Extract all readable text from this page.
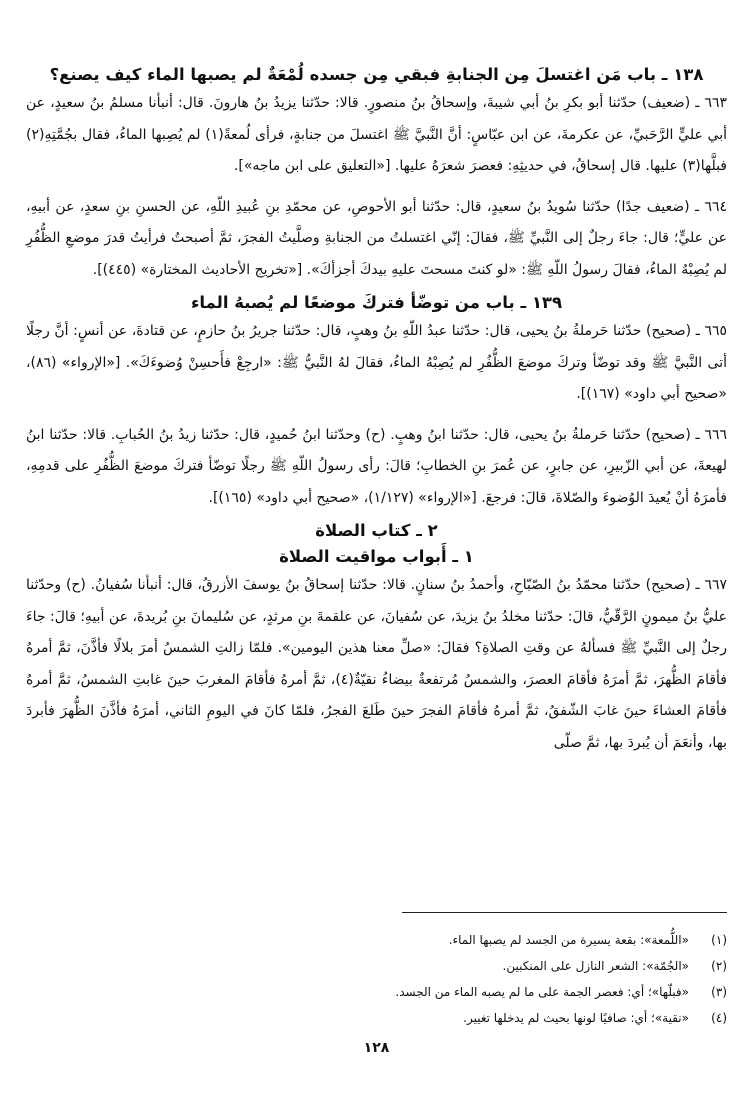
١٣٨ ـ باب مَن اغتسلَ مِن الجنابةِ فبقي مِن جسده لُمْعَةٌ لم يصبها الماء كيف يصنع؟

٦٦٣ ـ (ضعيف) حدّثنا أبو بكرِ بنُ أبي شيبةَ، وإسحاقُ بنُ منصورٍ. قالا: حدّثنا يزيدُ بنُ هارونَ. قال: أنبأنا مسلمُ بنُ سعيدٍ، عن أبي عليٍّ الرَّحَبيِّ، عن عكرمةَ، عن ابن عبّاسٍ: أنَّ النَّبيَّ ﷺ اغتسلَ من جنابةٍ، فرأى لُمعةً(١) لم يُصِبها الماءُ، فقال بجُمَّتِهِ(٢) فبلَّها(٣) عليها. قال إسحاقُ، في حديثِهِ: فعصرَ شعرَهُ عليها. [«التعليق على ابن ماجه»].

٦٦٤ ـ (ضعيف جدًا) حدّثنا سُويدُ بنُ سعيدٍ، قال: حدّثنا أبو الأحوصِ، عن محمّدِ بنِ عُبيدِ اللّهِ، عن الحسنِ بنِ سعدٍ، عن أبيهِ، عن عليٍّ؛ قال: جاءَ رجلٌ إلى النَّبيِّ ﷺ، فقالَ: إنّي اغتسلتُ من الجنابةِ وصلَّيتُ الفجرَ، ثمَّ أصبحتُ فرأيتُ قدرَ موضعِ الظُّفُرِ لم يُصِبْهُ الماءُ، فقالَ رسولُ اللّهِ ﷺ: «لو كنتَ مسحتَ عليهِ بيدكَ أجزأكَ». [«تخريج الأحاديث المختارة» (٤٤٥)].

١٣٩ ـ باب من توضّأ فتركَ موضعًا لم يُصبهُ الماء

٦٦٥ ـ (صحيح) حدّثنا حَرملةُ بنُ يحيى، قال: حدّثنا عبدُ اللّهِ بنُ وهبٍ، قال: حدّثنا جريرُ بنُ حازمٍ، عن قتادةَ، عن أنسٍ: أنَّ رجلًا أتى النَّبيَّ ﷺ وقد توضّأ وتركَ موضعَ الظُّفُرِ لم يُصِبْهُ الماءُ، فقالَ لهُ النَّبيُّ ﷺ: «ارجِعْ فأَحسِنْ وُضوءَكَ». [«الإرواء» (٨٦)، «صحيح أبي داود» (١٦٧)].

٦٦٦ ـ (صحيح) حدّثنا حَرملةُ بنُ يحيى، قال: حدّثنا ابنُ وهبٍ. (ح) وحدّثنا ابنُ حُميدٍ، قال: حدّثنا زيدُ بنُ الحُبابِ. قالا: حدّثنا ابنُ لهيعةَ، عن أبي الزّبيرِ، عن جابرٍ، عن عُمرَ بنِ الخطابِ؛ قالَ: رأى رسولُ اللّهِ ﷺ رجلًا توضّأ فتركَ موضعَ الظُّفُرِ على قدمِهِ، فأمرَهُ أنْ يُعيدَ الوُضوءَ والصّلاةَ، قالَ: فرجعَ. [«الإرواء» (١/١٢٧)، «صحيح أبي داود» (١٦٥)].

٢ ـ كتاب الصلاة
١ ـ أَبواب مواقيت الصلاة

٦٦٧ ـ (صحيح) حدّثنا محمّدُ بنُ الصّبّاحِ، وأحمدُ بنُ سنانٍ. قالا: حدّثنا إسحاقُ بنُ يوسفَ الأزرقُ، قال: أنبأنا سُفيانُ. (ح) وحدّثنا عليُّ بنُ ميمونٍ الرَّقّيُّ، قالَ: حدّثنا مخلدُ بنُ يزيدَ، عن سُفيانَ، عن علقمةَ بنِ مرثدٍ، عن سُليمانَ بنِ بُريدةَ، عن أبيهِ؛ قالَ: جاءَ رجلٌ إلى النَّبيِّ ﷺ فسألهُ عن وقتِ الصلاةِ؟ فقالَ: «صلِّ معنا هذين اليومين». فلمّا زالتِ الشمسُ أمرَ بلالًا فأذَّنَ، ثمَّ أمرهُ فأقامَ الظُّهرَ، ثمَّ أمرَهُ فأقامَ العصرَ، والشمسُ مُرتفعةٌ بيضاءُ نقيّةٌ(٤)، ثمَّ أمرهُ فأقامَ المغربَ حينَ غابتِ الشمسُ، ثمَّ أمرهُ فأقامَ العشاءَ حينَ غابَ الشّفقُ، ثمَّ أمرهُ فأقامَ الفجرَ حينَ طَلعَ الفجرُ، فلمّا كانَ في اليومِ الثاني، أمرَهُ فأذَّنَ الظُّهرَ فأبردَ بها، وأنعَمَ أن يُبردَ بها، ثمَّ صلّى

(١)«اللُّمعة»: بقعة يسيرة من الجسد لم يصبها الماء.

(٢)«الجُمّة»: الشعر النازل على المنكبين.

(٣)«فبلّها»؛ أي: فعصر الجمة على ما لم يصبه الماء من الجسد.

(٤)«نقية»؛ أي: صافيًا لونها بحيث لم يدخلها تغيير.

١٢٨
